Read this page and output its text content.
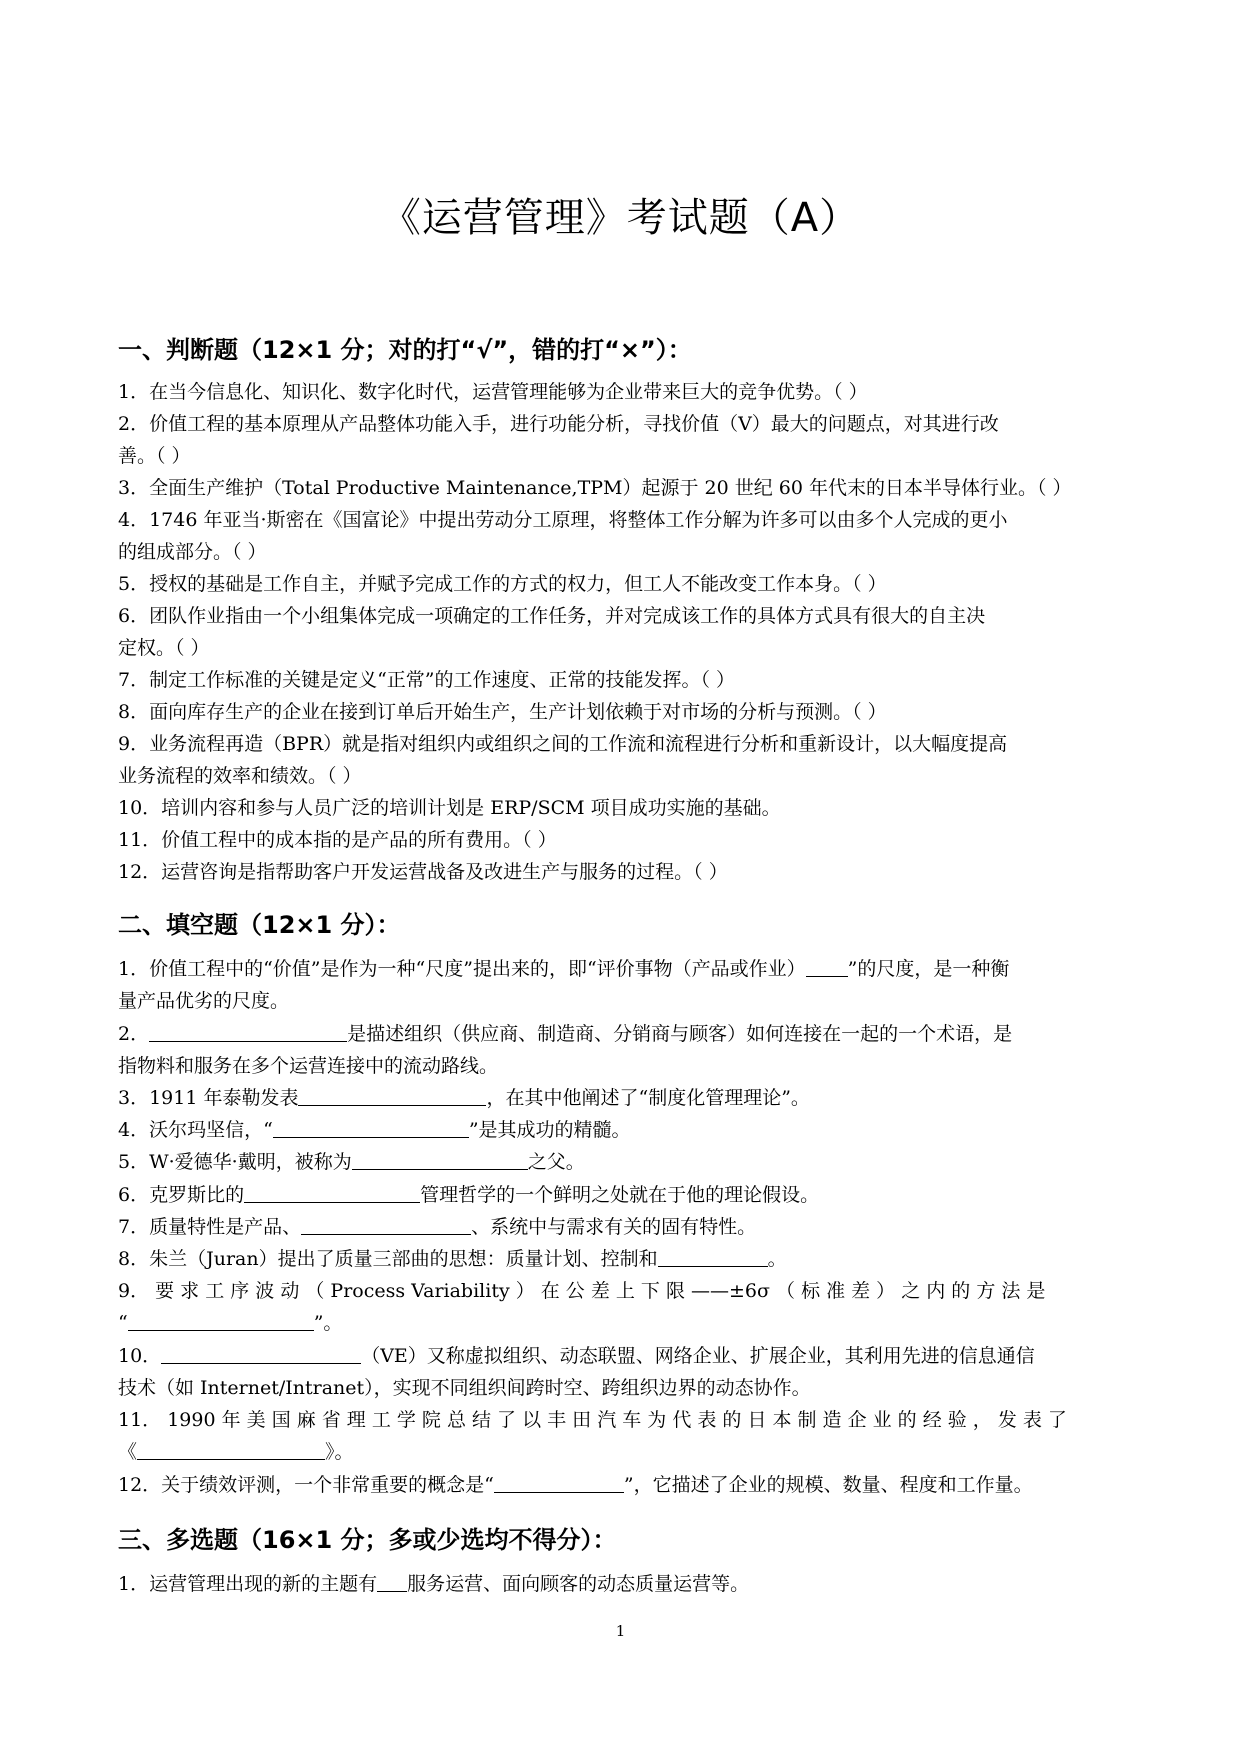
《运营管理》考试题（A）
一、判断题（12×1 分；对的打“√”，错的打“×”）：
1．在当今信息化、知识化、数字化时代，运营管理能够为企业带来巨大的竞争优势。（ ）
2．价值工程的基本原理从产品整体功能入手，进行功能分析，寻找价值（V）最大的问题点，对其进行改
善。（ ）
3．全面生产维护（Total Productive Maintenance,TPM）起源于 20 世纪 60 年代末的日本半导体行业。（ ）
4．1746 年亚当·斯密在《国富论》中提出劳动分工原理，将整体工作分解为许多可以由多个人完成的更小
的组成部分。（ ）
5．授权的基础是工作自主，并赋予完成工作的方式的权力，但工人不能改变工作本身。（ ）
6．团队作业指由一个小组集体完成一项确定的工作任务，并对完成该工作的具体方式具有很大的自主决
定权。（ ）
7．制定工作标准的关键是定义“正常”的工作速度、正常的技能发挥。（ ）
8．面向库存生产的企业在接到订单后开始生产，生产计划依赖于对市场的分析与预测。（ ）
9．业务流程再造（BPR）就是指对组织内或组织之间的工作流和流程进行分析和重新设计，以大幅度提高
业务流程的效率和绩效。（ ）
10．培训内容和参与人员广泛的培训计划是 ERP/SCM 项目成功实施的基础。
11．价值工程中的成本指的是产品的所有费用。（ ）
12．运营咨询是指帮助客户开发运营战备及改进生产与服务的过程。（ ）
二、填空题（12×1 分）：
1．价值工程中的“价值”是作为一种“尺度”提出来的，即“评价事物（产品或作业） ”的尺度，是一种衡
量产品优劣的尺度。
2．	是描述组织（供应商、制造商、分销商与顾客）如何连接在一起的一个术语，是
指物料和服务在多个运营连接中的流动路线。
3．1911 年泰勒发表	，在其中他阐述了“制度化管理理论”。
4．沃尔玛坚信，“	”是其成功的精髓。
5．W·爱德华·戴明，被称为	之父。
6．克罗斯比的	管理哲学的一个鲜明之处就在于他的理论假设。
7．质量特性是产品、	、系统中与需求有关的固有特性。
8．朱兰（Juran）提出了质量三部曲的思想：质量计划、控制和	。
9． 要 求 工 序 波 动 （ Process Variability ） 在 公 差 上 下 限 ——±6σ （ 标 准 差 ） 之 内 的 方 法 是
“	”。
10．	（VE）又称虚拟组织、动态联盟、网络企业、扩展企业，其利用先进的信息通信
技术（如 Internet/Intranet），实现不同组织间跨时空、跨组织边界的动态协作。
11． 1990 年 美 国 麻 省 理 工 学 院 总 结 了 以 丰 田 汽 车 为 代 表 的 日 本 制 造 企 业 的 经 验 ， 发 表 了
《	》。
12．关于绩效评测，一个非常重要的概念是“	”，它描述了企业的规模、数量、程度和工作量。
三、多选题（16×1 分；多或少选均不得分）：
1．运营管理出现的新的主题有 服务运营、面向顾客的动态质量运营等。
1
